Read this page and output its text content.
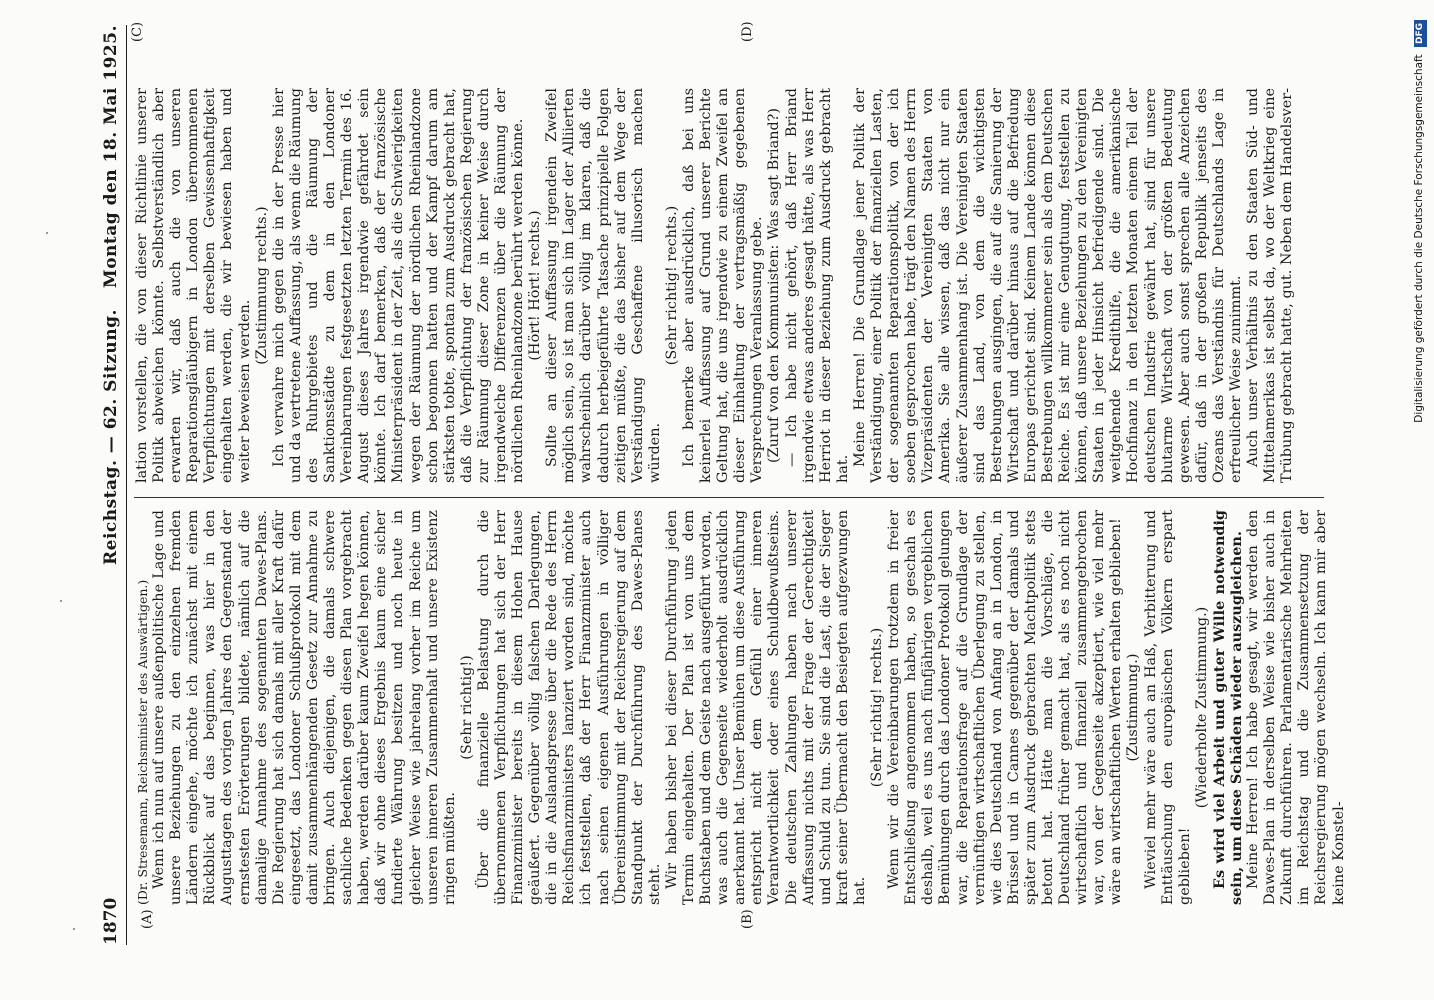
1870
Reichstag. — 62. Sitzung.
Montag den 18. Mai 1925.
(A)	(B)
(C)	(D)

(Dr. Stresemann, Reichsminister des Auswärtigen.) Wenn ich nun auf unsere außenpolitische Lage und unsere Beziehungen zu den einzelnen fremden Ländern eingehe, möchte ich zunächst mit einem Rückblick auf das beginnen, was hier in den Augusttagen des vorigen Jahres den Gegenstand der ernstesten Erörterungen bildete, nämlich auf die damalige Annahme des sogenannten Dawes-Plans. Die Regierung hat sich damals mit aller Kraft dafür eingesetzt, das Londoner Schlußprotokoll mit dem damit zusammenhängenden Gesetz zur Annahme zu bringen. Auch diejenigen, die damals schwere sachliche Bedenken gegen diesen Plan vorgebracht haben, werden darüber kaum Zweifel hegen können, daß wir ohne dieses Ergebnis kaum eine sicher fundierte Währung besitzen und noch heute in gleicher Weise wie jahrelang vorher im Reiche um unseren inneren Zusammenhalt und unsere Existenz ringen müßten.

(Sehr richtig!) Über die finanzielle Belastung durch die übernommenen Verpflichtungen hat sich der Herr Finanzminister bereits in diesem Hohen Hause geäußert. Gegenüber völlig falschen Darlegungen, die in die Auslandspresse über die Rede des Herrn Reichsfinanzministers lanziert worden sind, möchte ich feststellen, daß der Herr Finanzminister auch nach seinen eigenen Ausführungen in völliger Übereinstimmung mit der Reichsregierung auf dem Standpunkt der Durchführung des Dawes-Planes steht. Wir haben bisher bei dieser Durchführung jeden Termin eingehalten. Der Plan ist von uns dem Buchstaben und dem Geiste nach ausgeführt worden, was auch die Gegenseite wiederholt ausdrücklich anerkannt hat. Unser Bemühen um diese Ausführung entspricht nicht dem Gefühl einer inneren Verantwortlichkeit oder eines Schuldbewußtseins. Die deutschen Zahlungen haben nach unserer Auffassung nichts mit der Frage der Gerechtigkeit und Schuld zu tun. Sie sind die Last, die der Sieger kraft seiner Übermacht den Besiegten aufgezwungen hat.

(Sehr richtig! rechts.) Wenn wir die Vereinbarungen trotzdem in freier Entschließung angenommen haben, so geschah es deshalb, weil es uns nach fünfjährigen vergeblichen Bemühungen durch das Londoner Protokoll gelungen war, die Reparationsfrage auf die Grundlage der vernünftigen wirtschaftlichen Überlegung zu stellen, wie dies Deutschland von Anfang an in London, in Brüssel und in Cannes gegenüber der damals und später zum Ausdruck gebrachten Machtpolitik stets betont hat. Hätte man die Vorschläge, die Deutschland früher gemacht hat, als es noch nicht wirtschaftlich und finanziell zusammengebrochen war, von der Gegenseite akzeptiert, wie viel mehr wäre an wirtschaftlichen Werten erhalten geblieben! (Zustimmung.) Wieviel mehr wäre auch an Haß, Verbitterung und Enttäuschung den europäischen Völkern erspart geblieben!

(Wiederholte Zustimmung.) Es wird viel Arbeit und guter Wille notwendig sein, um diese Schäden wieder auszugleichen. Meine Herren! Ich habe gesagt, wir werden den Dawes-Plan in derselben Weise wie bisher auch in Zukunft durchführen. Parlamentarische Mehrheiten im Reichstag und die Zusammensetzung der Reichsregierung mögen wechseln. Ich kann mir aber keine Konstel-

lation vorstellen, die von dieser Richtlinie unserer Politik abweichen könnte. Selbstverständlich aber erwarten wir, daß auch die von unseren Reparationsgläubigern in London übernommenen Verpflichtungen mit derselben Gewissenhaftigkeit eingehalten werden, die wir bewiesen haben und weiter beweisen werden.

(Zustimmung rechts.) Ich verwahre mich gegen die in der Presse hier und da vertretene Auffassung, als wenn die Räumung des Ruhrgebietes und die Räumung der Sanktionsstädte zu dem in den Londoner Vereinbarungen festgesetzten letzten Termin des 16. August dieses Jahres irgendwie gefährdet sein könnte. Ich darf bemerken, daß der französische Ministerpräsident in der Zeit, als die Schwierigkeiten wegen der Räumung der nördlichen Rheinlandzone schon begonnen hatten und der Kampf darum am stärksten tobte, spontan zum Ausdruck gebracht hat, daß die Verpflichtung der französischen Regierung zur Räumung dieser Zone in keiner Weise durch irgendwelche Differenzen über die Räumung der nördlichen Rheinlandzone berührt werden könne. (Hört! Hört! rechts.) Sollte an dieser Auffassung irgendein Zweifel möglich sein, so ist man sich im Lager der Alliierten wahrscheinlich darüber völlig im klaren, daß die dadurch herbeigeführte Tatsache prinzipielle Folgen zeitigen müßte, die das bisher auf dem Wege der Verständigung Geschaffene illusorisch machen würden.

(Sehr richtig! rechts.) Ich bemerke aber ausdrücklich, daß bei uns keinerlei Auffassung auf Grund unserer Berichte Geltung hat, die uns irgendwie zu einem Zweifel an dieser Einhaltung der vertragsmäßig gegebenen Versprechungen Veranlassung gebe. (Zuruf von den Kommunisten: Was sagt Briand?) — Ich habe nicht gehört, daß Herr Briand irgendwie etwas anderes gesagt hätte, als was Herr Herriot in dieser Beziehung zum Ausdruck gebracht hat.

Meine Herren! Die Grundlage jener Politik der Verständigung, einer Politik der finanziellen Lasten, der sogenannten Reparationspolitik, von der ich soeben gesprochen habe, trägt den Namen des Herrn Vizepräsidenten der Vereinigten Staaten von Amerika. Sie alle wissen, daß das nicht nur ein äußerer Zusammenhang ist. Die Vereinigten Staaten sind das Land, von dem die wichtigsten Bestrebungen ausgingen, die auf die Sanierung der Wirtschaft und darüber hinaus auf die Befriedung Europas gerichtet sind. Keinem Lande können diese Bestrebungen willkommener sein als dem Deutschen Reiche. Es ist mir eine Genugtuung, feststellen zu können, daß unsere Beziehungen zu den Vereinigten Staaten in jeder Hinsicht befriedigende sind. Die weitgehende Kredithilfe, die die amerikanische Hochfinanz in den letzten Monaten einem Teil der deutschen Industrie gewährt hat, sind für unsere blutarme Wirtschaft von der größten Bedeutung gewesen. Aber auch sonst sprechen alle Anzeichen dafür, daß in der großen Republik jenseits des Ozeans das Verständnis für Deutschlands Lage in erfreulicher Weise zunimmt. Auch unser Verhältnis zu den Staaten Süd- und Mittelamerikas ist selbst da, wo der Weltkrieg eine Trübung gebracht hatte, gut. Neben dem Handelsver-	Digitalisierung gefördert durch die Deutsche Forschungsgemeinschaft DFG
